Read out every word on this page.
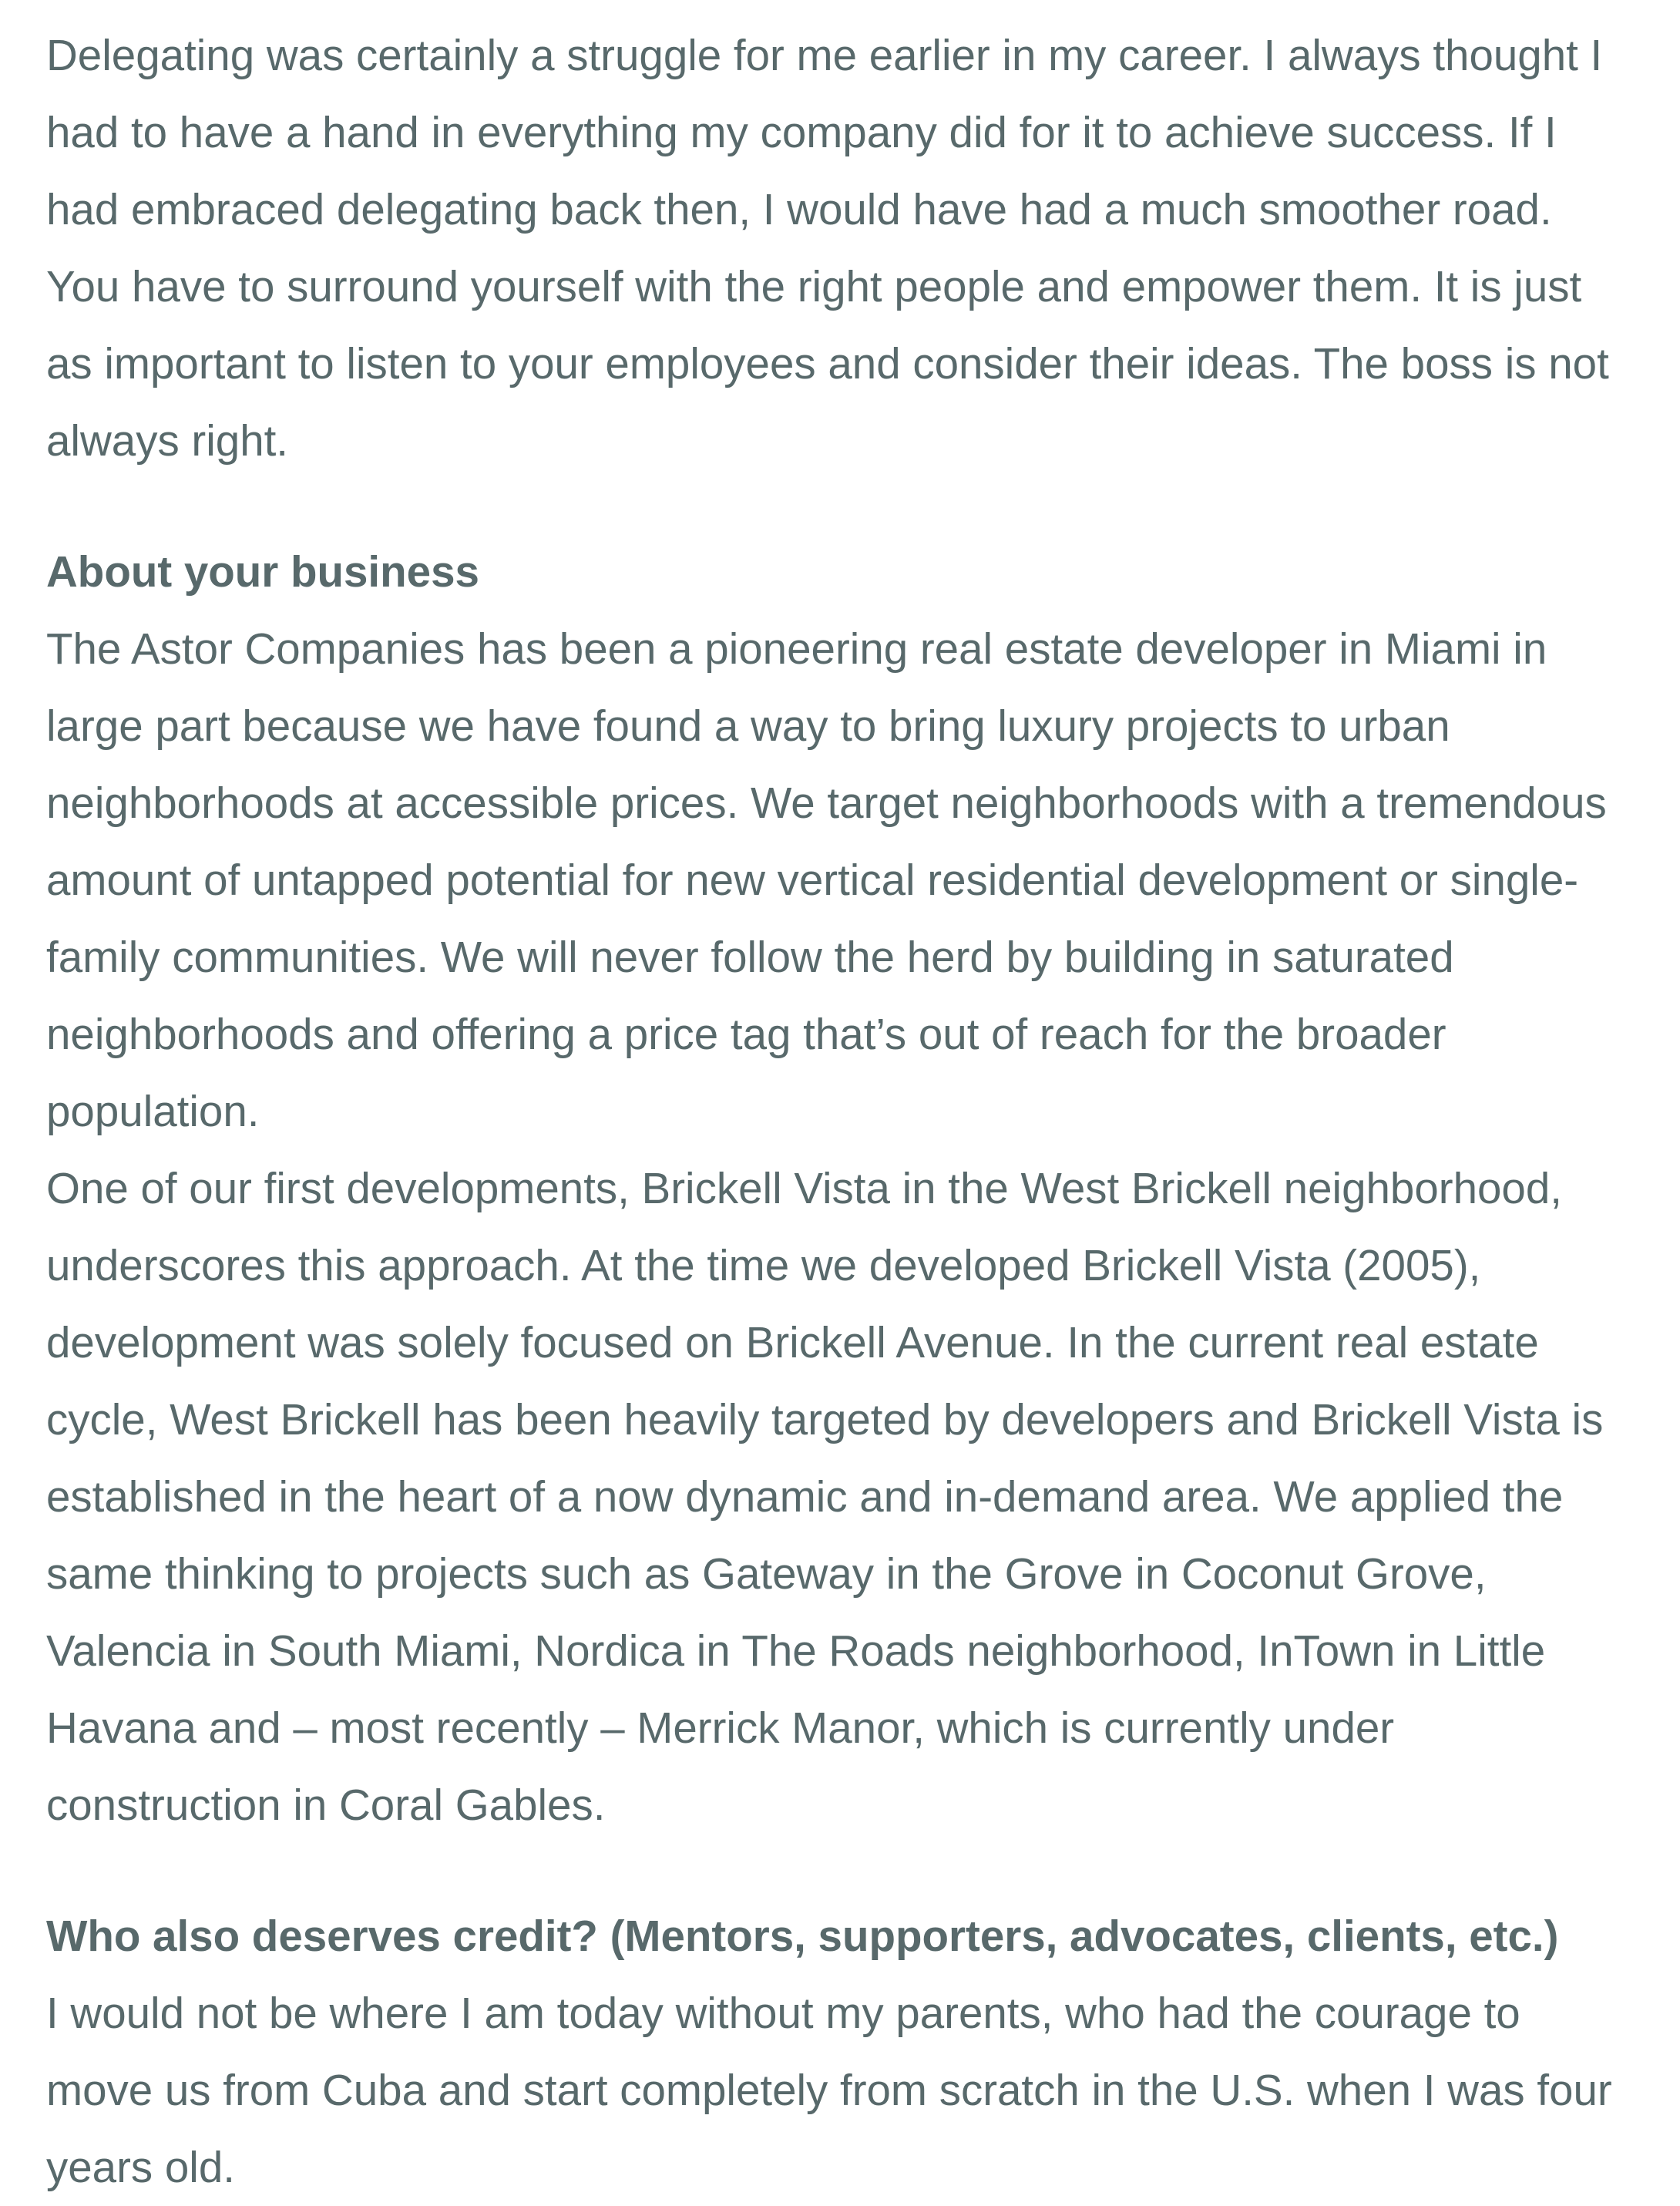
Delegating was certainly a struggle for me earlier in my career. I always thought I had to have a hand in everything my company did for it to achieve success. If I had embraced delegating back then, I would have had a much smoother road. You have to surround yourself with the right people and empower them. It is just as important to listen to your employees and consider their ideas. The boss is not always right.

About your business

The Astor Companies has been a pioneering real estate developer in Miami in large part because we have found a way to bring luxury projects to urban neighborhoods at accessible prices. We target neighborhoods with a tremendous amount of untapped potential for new vertical residential development or single-family communities. We will never follow the herd by building in saturated neighborhoods and offering a price tag that’s out of reach for the broader population.

One of our first developments, Brickell Vista in the West Brickell neighborhood, underscores this approach. At the time we developed Brickell Vista (2005), development was solely focused on Brickell Avenue. In the current real estate cycle, West Brickell has been heavily targeted by developers and Brickell Vista is established in the heart of a now dynamic and in-demand area. We applied the same thinking to projects such as Gateway in the Grove in Coconut Grove, Valencia in South Miami, Nordica in The Roads neighborhood, InTown in Little Havana and – most recently – Merrick Manor, which is currently under construction in Coral Gables.

Who also deserves credit? (Mentors, supporters, advocates, clients, etc.)

I would not be where I am today without my parents, who had the courage to move us from Cuba and start completely from scratch in the U.S. when I was four years old.
